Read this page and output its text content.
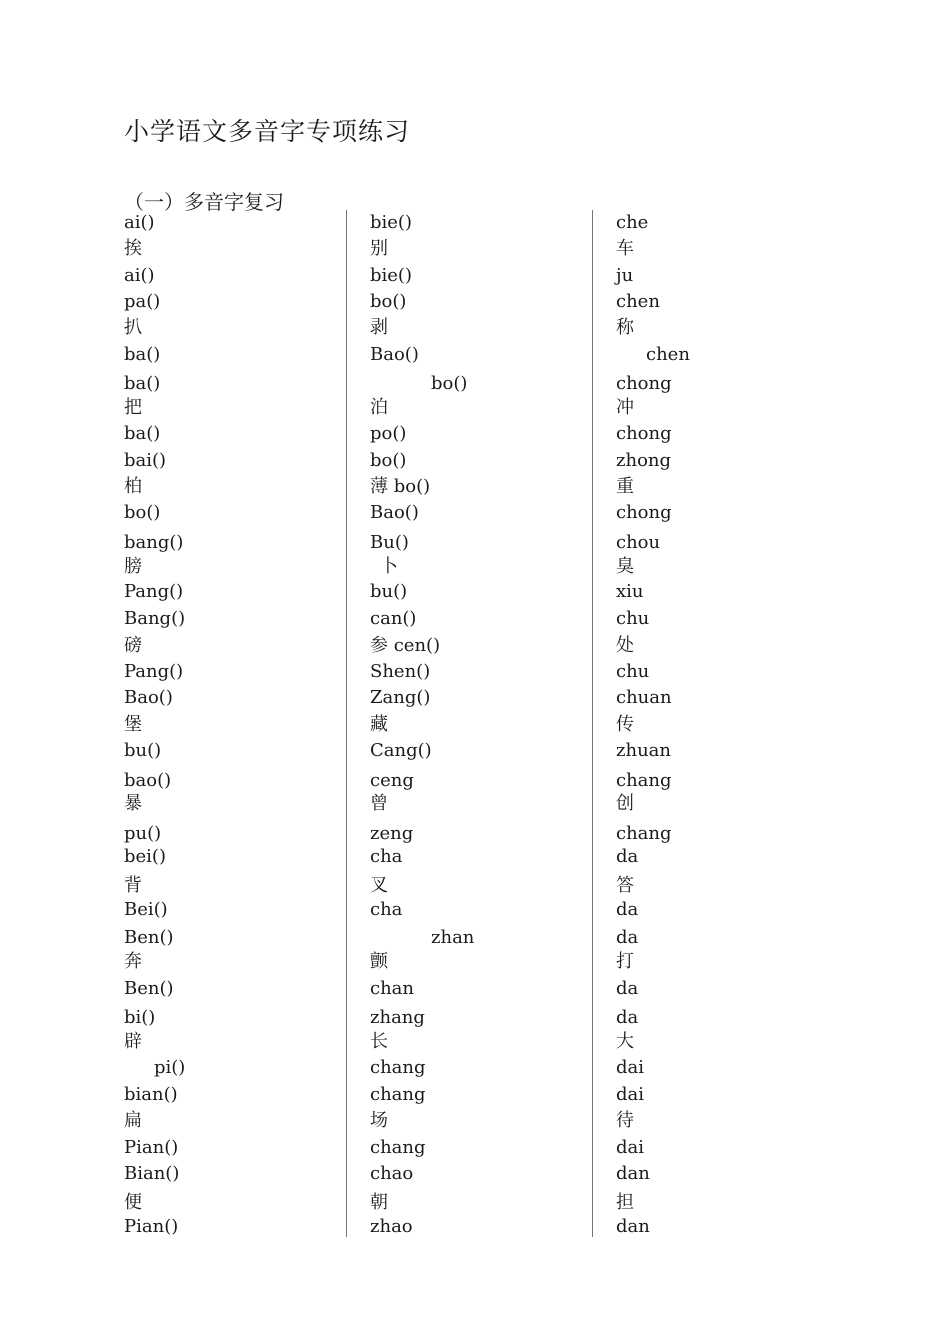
小学语文多音字专项练习
（一）多音字复习
ai()
挨
ai()
pa()
扒
ba()
ba()
把
ba()
bai()
柏
bo()
bang()
膀
Pang()
Bang()
磅
Pang()
Bao()
堡
bu()
bao()
暴
pu()
bei()
背
Bei()
Ben()
奔
Ben()
bi()
辟
pi()
bian()
扁
Pian()
Bian()
便
Pian()
bie()
别
bie()
bo()
剥
Bao()
bo()
泊
po()
bo()
薄 bo()
Bao()
Bu()
卜
bu()
can()
参 cen()
Shen()
Zang()
藏
Cang()
ceng
曾
zeng
cha
叉
cha
zhan
颤
chan
zhang
长
chang
chang
场
chang
chao
朝
zhao
che
车
ju
chen
称
chen
chong
冲
chong
zhong
重
chong
chou
臭
xiu
chu
处
chu
chuan
传
zhuan
chang
创
chang
da
答
da
da
打
da
da
大
dai
dai
待
dai
dan
担
dan
